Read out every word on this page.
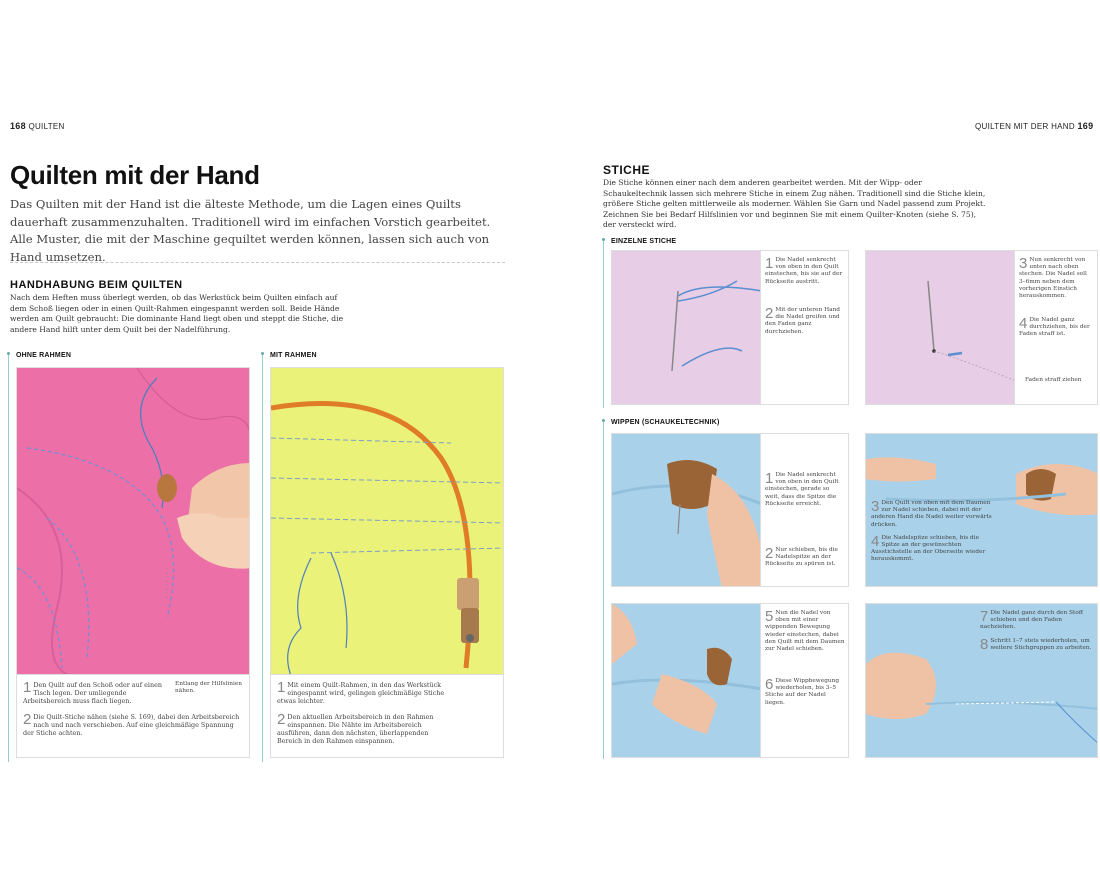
168 QUILTEN
Quilten mit der Hand

Das Quilten mit der Hand ist die älteste Methode, um die Lagen eines Quilts dauerhaft zusammenzuhalten. Traditionell wird im einfachen Vorstich gearbeitet. Alle Muster, die mit der Maschine gequiltet werden können, lassen sich auch von Hand umsetzen.

HANDHABUNG BEIM QUILTEN

Nach dem Heften muss überlegt werden, ob das Werkstück beim Quilten einfach auf dem Schoß liegen oder in einen Quilt-Rahmen eingespannt werden soll. Beide Hände werden am Quilt gebraucht: Die dominante Hand liegt oben und steppt die Stiche, die andere Hand hilft unter dem Quilt bei der Nadelführung.

OHNE RAHMEN
1 Den Quilt auf den Schoß oder auf einen Tisch legen. Der umliegende Arbeitsbereich muss flach liegen.
Entlang der Hilfslinien nähen.
2 Die Quilt-Stiche nähen (siehe S. 169), dabei den Arbeitsbereich nach und nach verschieben. Auf eine gleichmäßige Spannung der Stiche achten.
MIT RAHMEN
1 Mit einem Quilt-Rahmen, in den das Werkstück eingespannt wird, gelingen gleichmäßige Stiche etwas leichter.
2 Den aktuellen Arbeitsbereich in den Rahmen einspannen. Die Nähte im Arbeitsbereich ausführen, dann den nächsten, überlappenden Bereich in den Rahmen einspannen.
QUILTEN MIT DER HAND 169
STICHE

Die Stiche können einer nach dem anderen gearbeitet werden. Mit der Wipp- oder Schaukeltechnik lassen sich mehrere Stiche in einem Zug nähen. Traditionell sind die Stiche klein, größere Stiche gelten mittlerweile als moderner. Wählen Sie Garn und Nadel passend zum Projekt. Zeichnen Sie bei Bedarf Hilfslinien vor und beginnen Sie mit einem Quilter-Knoten (siehe S. 75), der versteckt wird.

EINZELNE STICHE
1 Die Nadel senkrecht von oben in den Quilt einstechen, bis sie auf der Rückseite austritt.
2 Mit der unteren Hand die Nadel greifen und den Faden ganz durchziehen.
3 Nun senkrecht von unten nach oben stechen. Die Nadel soll 3–6mm neben dem vorherigen Einstich herauskommen.
4 Die Nadel ganz durchziehen, bis der Faden straff ist.
Faden straff ziehen
WIPPEN (SCHAUKELTECHNIK)
1 Die Nadel senkrecht von oben in den Quilt einstechen, gerade so weit, dass die Spitze die Rückseite erreicht.
2 Nur schieben, bis die Nadelspitze an der Rückseite zu spüren ist.
3 Den Quilt von oben mit dem Daumen zur Nadel schieben, dabei mit der anderen Hand die Nadel weiter vorwärts drücken.
4 Die Nadelspitze schieben, bis die Spitze an der gewünschten Ausstichstelle an der Oberseite wieder herauskommt.
5 Nun die Nadel von oben mit einer wippenden Bewegung wieder einstechen, dabei den Quilt mit dem Daumen zur Nadel schieben.
6 Diese Wippbewegung wiederholen, bis 3–5 Stiche auf der Nadel liegen.
7 Die Nadel ganz durch den Stoff schieben und den Faden nachziehen.
8 Schritt 1–7 stets wiederholen, um weitere Stichgruppen zu arbeiten.
